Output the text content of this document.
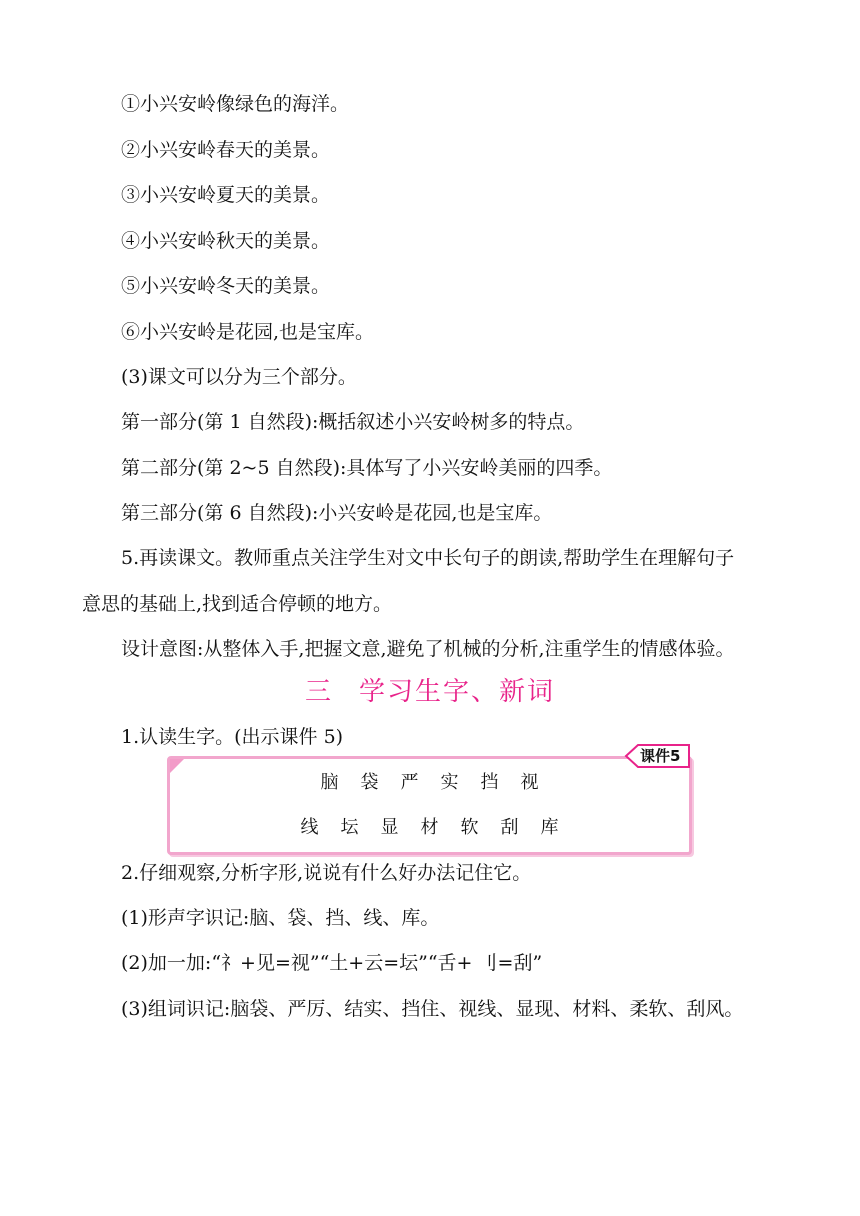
①小兴安岭像绿色的海洋。
②小兴安岭春天的美景。
③小兴安岭夏天的美景。
④小兴安岭秋天的美景。
⑤小兴安岭冬天的美景。
⑥小兴安岭是花园,也是宝库。
(3)课文可以分为三个部分。
第一部分(第 1 自然段):概括叙述小兴安岭树多的特点。
第二部分(第 2~5 自然段):具体写了小兴安岭美丽的四季。
第三部分(第 6 自然段):小兴安岭是花园,也是宝库。
5.再读课文。教师重点关注学生对文中长句子的朗读,帮助学生在理解句子
意思的基础上,找到适合停顿的地方。
设计意图:从整体入手,把握文意,避免了机械的分析,注重学生的情感体验。
三 学习生字、新词
1.认读生字。(出示课件 5)
脑 袋 严 实 挡 视
线 坛 显 材 软 刮 库
课件5
2.仔细观察,分析字形,说说有什么好办法记住它。
(1)形声字识记:脑、袋、挡、线、库。
(2)加一加:“礻+见=视”“土+云=坛”“舌+ 刂=刮”
(3)组词识记:脑袋、严厉、结实、挡住、视线、显现、材料、柔软、刮风。
